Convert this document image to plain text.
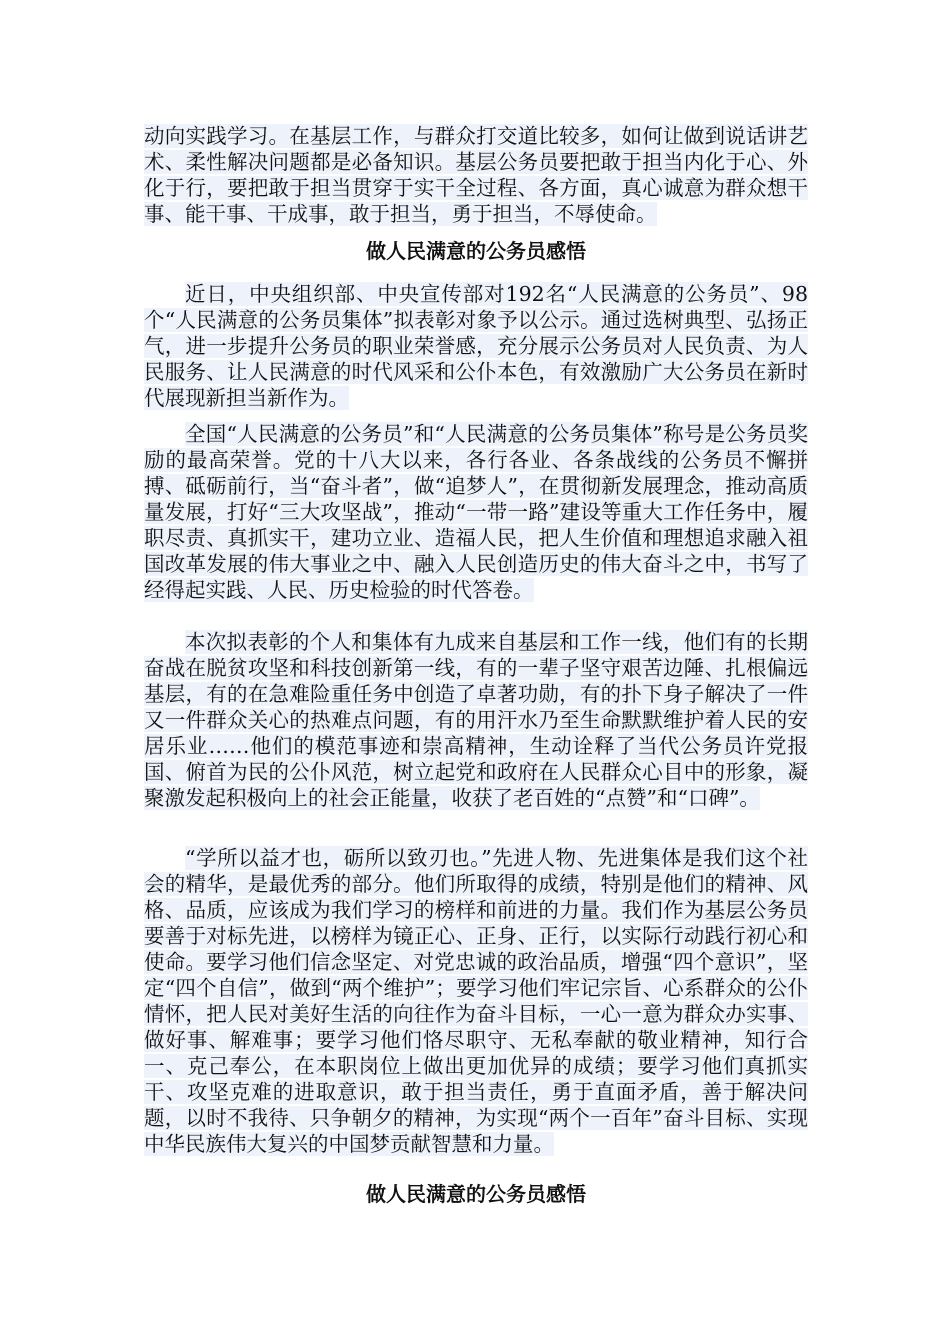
动向实践学习。在基层工作，与群众打交道比较多，如何让做到说话讲艺术、柔性解决问题都是必备知识。基层公务员要把敢于担当内化于心、外化于行，要把敢于担当贯穿于实干全过程、各方面，真心诚意为群众想干事、能干事、干成事，敢于担当，勇于担当，不辱使命。
做人民满意的公务员感悟
近日，中央组织部、中央宣传部对192名“人民满意的公务员”、98个“人民满意的公务员集体”拟表彰对象予以公示。通过选树典型、弘扬正气，进一步提升公务员的职业荣誉感，充分展示公务员对人民负责、为人民服务、让人民满意的时代风采和公仆本色，有效激励广大公务员在新时代展现新担当新作为。
全国“人民满意的公务员”和“人民满意的公务员集体”称号是公务员奖励的最高荣誉。党的十八大以来，各行各业、各条战线的公务员不懈拼搏、砥砺前行，当“奋斗者”，做“追梦人”，在贯彻新发展理念，推动高质量发展，打好“三大攻坚战”，推动“一带一路”建设等重大工作任务中，履职尽责、真抓实干，建功立业、造福人民，把人生价值和理想追求融入祖国改革发展的伟大事业之中、融入人民创造历史的伟大奋斗之中，书写了经得起实践、人民、历史检验的时代答卷。
本次拟表彰的个人和集体有九成来自基层和工作一线，他们有的长期奋战在脱贫攻坚和科技创新第一线，有的一辈子坚守艰苦边陲、扎根偏远基层，有的在急难险重任务中创造了卓著功勋，有的扑下身子解决了一件又一件群众关心的热难点问题，有的用汗水乃至生命默默维护着人民的安居乐业……他们的模范事迹和崇高精神，生动诠释了当代公务员许党报国、俯首为民的公仆风范，树立起党和政府在人民群众心目中的形象，凝聚激发起积极向上的社会正能量，收获了老百姓的“点赞”和“口碑”。
“学所以益才也，砺所以致刃也。”先进人物、先进集体是我们这个社会的精华，是最优秀的部分。他们所取得的成绩，特别是他们的精神、风格、品质，应该成为我们学习的榜样和前进的力量。我们作为基层公务员要善于对标先进，以榜样为镜正心、正身、正行，以实际行动践行初心和使命。要学习他们信念坚定、对党忠诚的政治品质，增强“四个意识”，坚定“四个自信”，做到“两个维护”；要学习他们牢记宗旨、心系群众的公仆情怀，把人民对美好生活的向往作为奋斗目标，一心一意为群众办实事、做好事、解难事；要学习他们恪尽职守、无私奉献的敬业精神，知行合一、克己奉公，在本职岗位上做出更加优异的成绩；要学习他们真抓实干、攻坚克难的进取意识，敢于担当责任，勇于直面矛盾，善于解决问题，以时不我待、只争朝夕的精神，为实现“两个一百年”奋斗目标、实现中华民族伟大复兴的中国梦贡献智慧和力量。
做人民满意的公务员感悟
